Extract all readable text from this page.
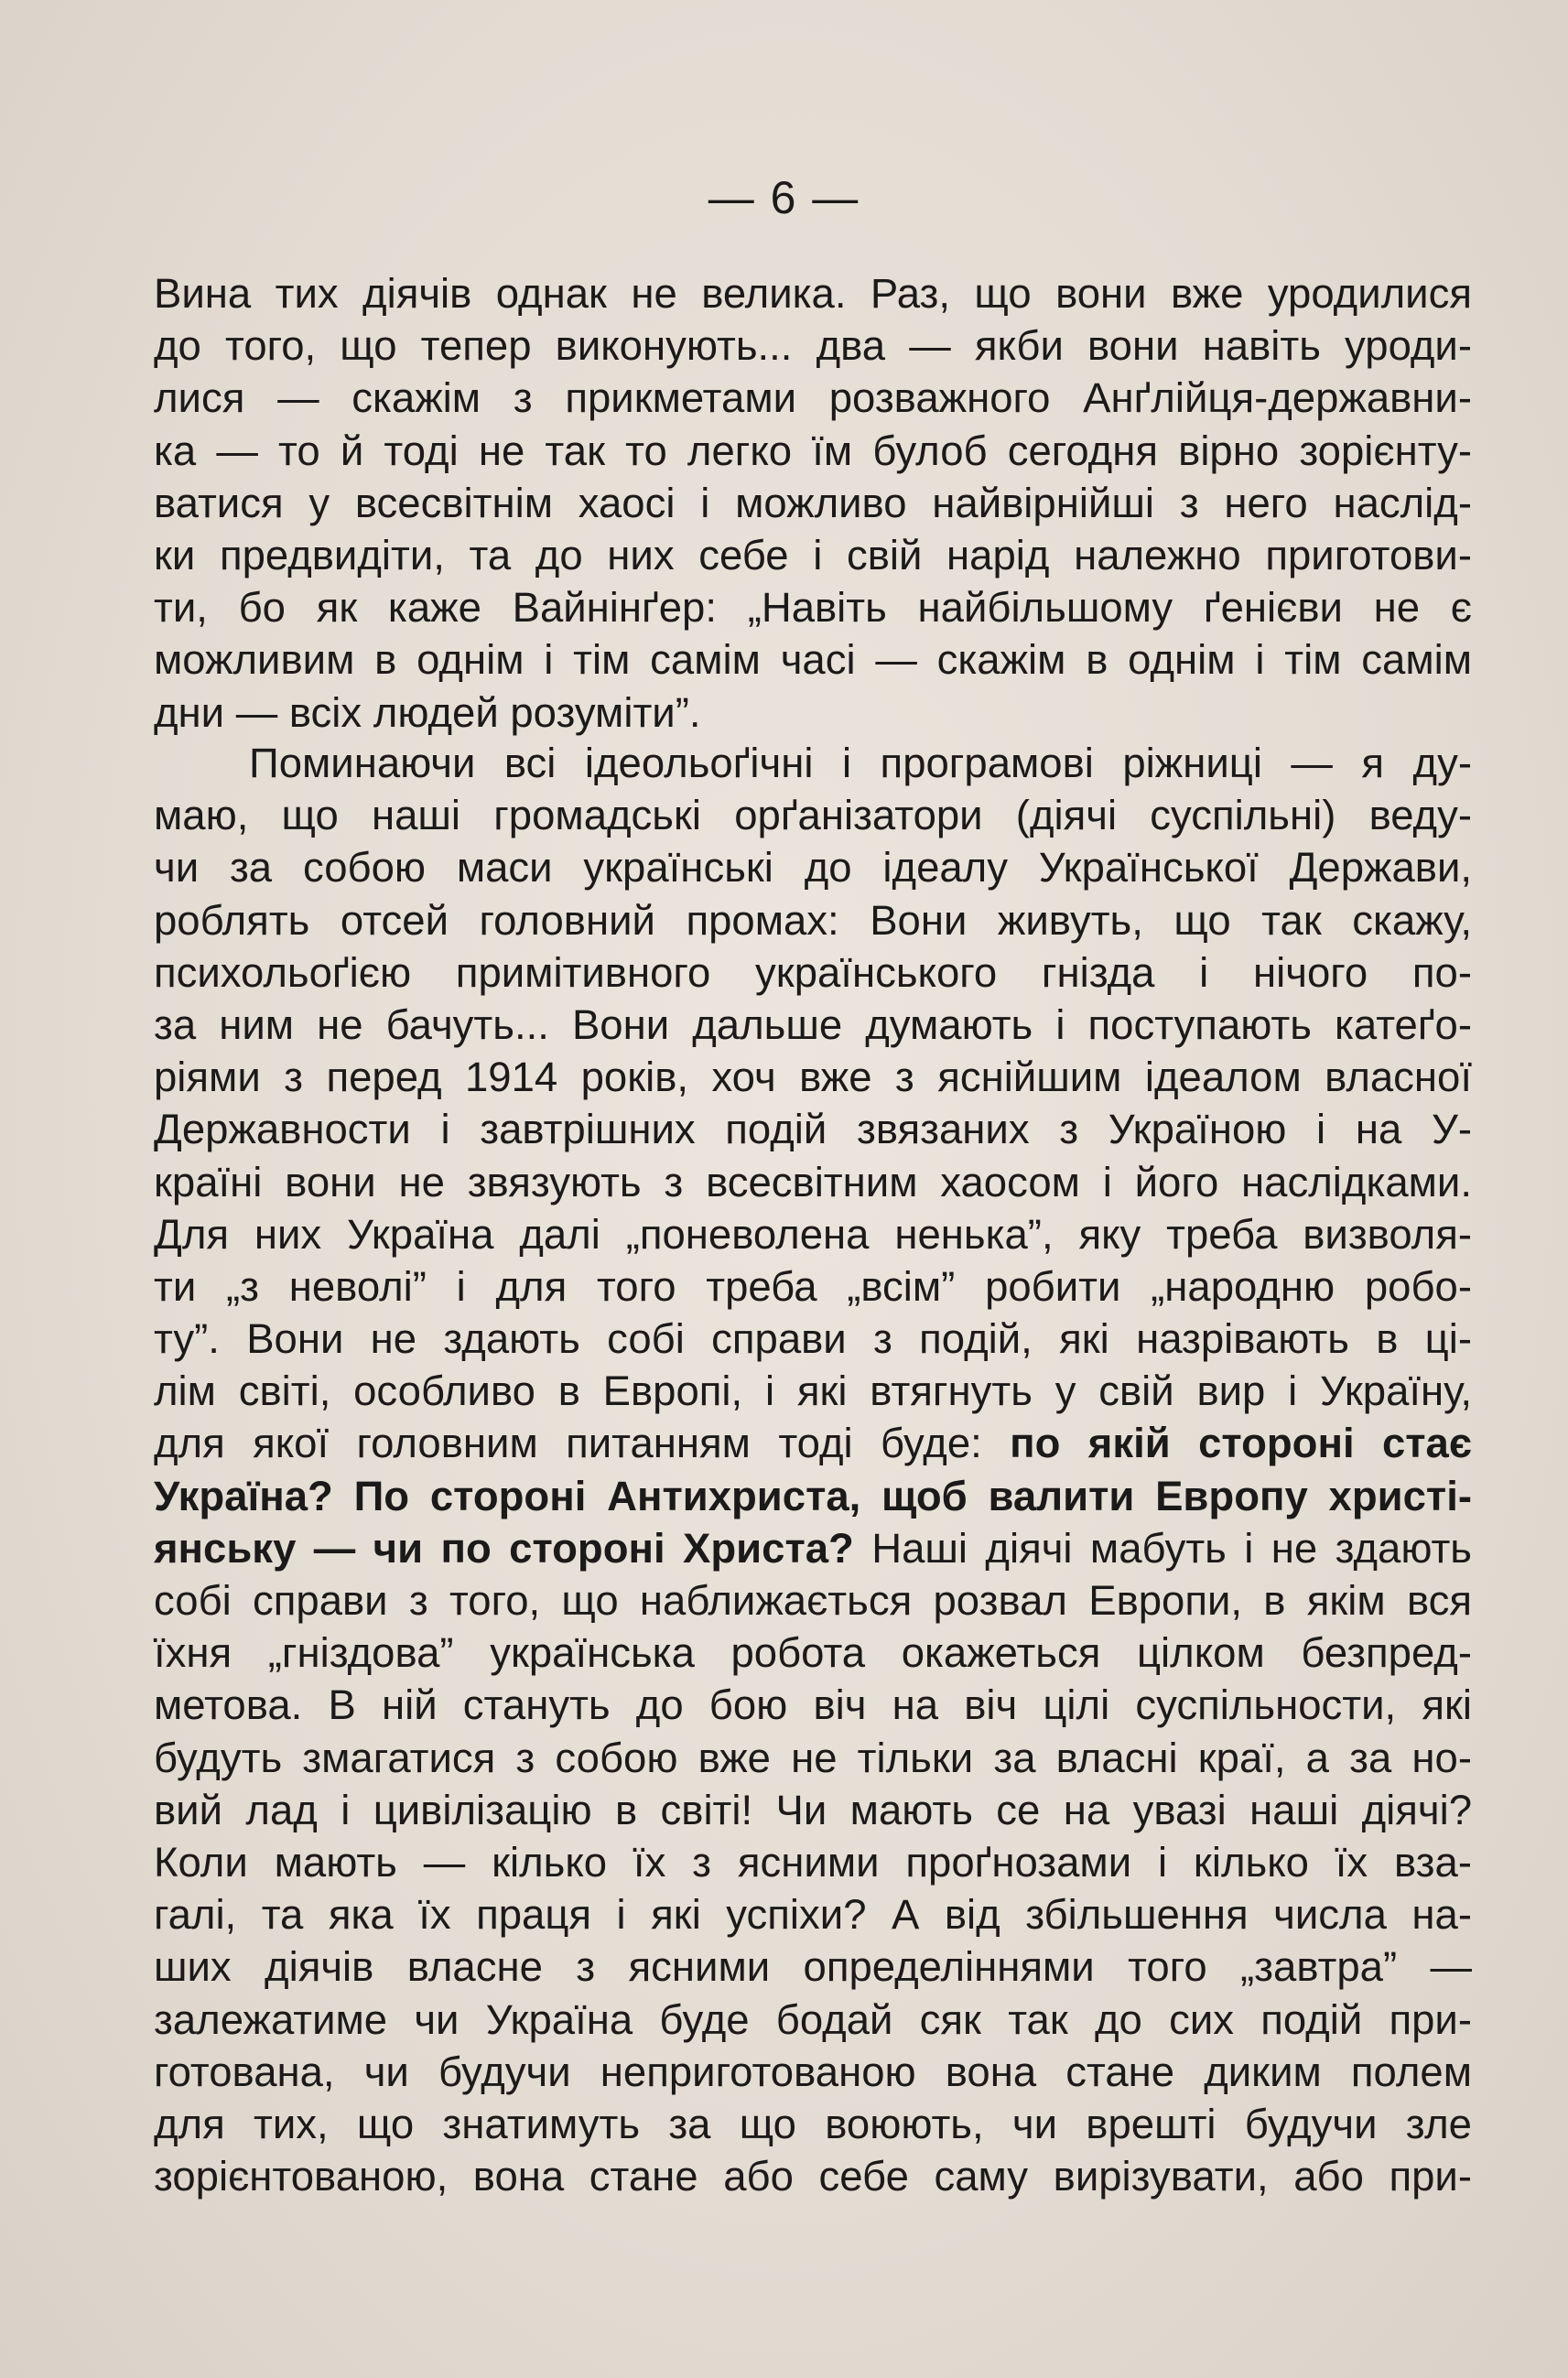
— 6 —
Вина тих діячів однак не велика. Раз, що вони вже уродилися
до того, що тепер виконують... два — якби вони навіть уроди-
лися — скажім з прикметами розважного Анґлійця-державни-
ка — то й тоді не так то легко їм булоб сегодня вірно зорієнту-
ватися у всесвітнім хаосі і можливо найвірнійші з него наслід-
ки предвидіти, та до них себе і свій нарід належно приготови-
ти, бо як каже Вайнінґер: „Навіть найбільшому ґенієви не є
можливим в однім і тім самім часі — скажім в однім і тім самім
дни — всіх людей розуміти”.
Поминаючи всі ідеольоґічні і програмові ріжниці — я ду-
маю, що наші громадські орґанізатори (діячі суспільні) веду-
чи за собою маси українські до ідеалу Української Держави,
роблять отсей головний промах: Вони живуть, що так скажу,
психольоґією примітивного українського гнізда і нічого по-
за ним не бачуть... Вони дальше думають і поступають катеґо-
ріями з перед 1914 років, хоч вже з яснійшим ідеалом власної
Державности і завтрішних подій звязаних з Україною і на У-
країні вони не звязують з всесвітним хаосом і його наслідками.
Для них Україна далі „поневолена ненька”, яку треба визволя-
ти „з неволі” і для того треба „всім” робити „народню робо-
ту”. Вони не здають собі справи з подій, які назрівають в ці-
лім світі, особливо в Европі, і які втягнуть у свій вир і Україну,
для якої головним питанням тоді буде: по якій стороні стає
Україна? По стороні Антихриста, щоб валити Европу христі-
янську — чи по стороні Христа? Наші діячі мабуть і не здають
собі справи з того, що наближається розвал Европи, в якім вся
їхня „гніздова” українська робота окажеться цілком безпред-
метова. В ній стануть до бою віч на віч цілі суспільности, які
будуть змагатися з собою вже не тільки за власні краї, а за но-
вий лад і цивілізацію в світі! Чи мають се на увазі наші діячі?
Коли мають — кілько їх з ясними проґнозами і кілько їх вза-
галі, та яка їх праця і які успіхи? А від збільшення числа на-
ших діячів власне з ясними определіннями того „завтра” —
залежатиме чи Україна буде бодай сяк так до сих подій при-
готована, чи будучи неприготованою вона стане диким полем
для тих, що знатимуть за що воюють, чи врешті будучи зле
зорієнтованою, вона стане або себе саму вирізувати, або при-
